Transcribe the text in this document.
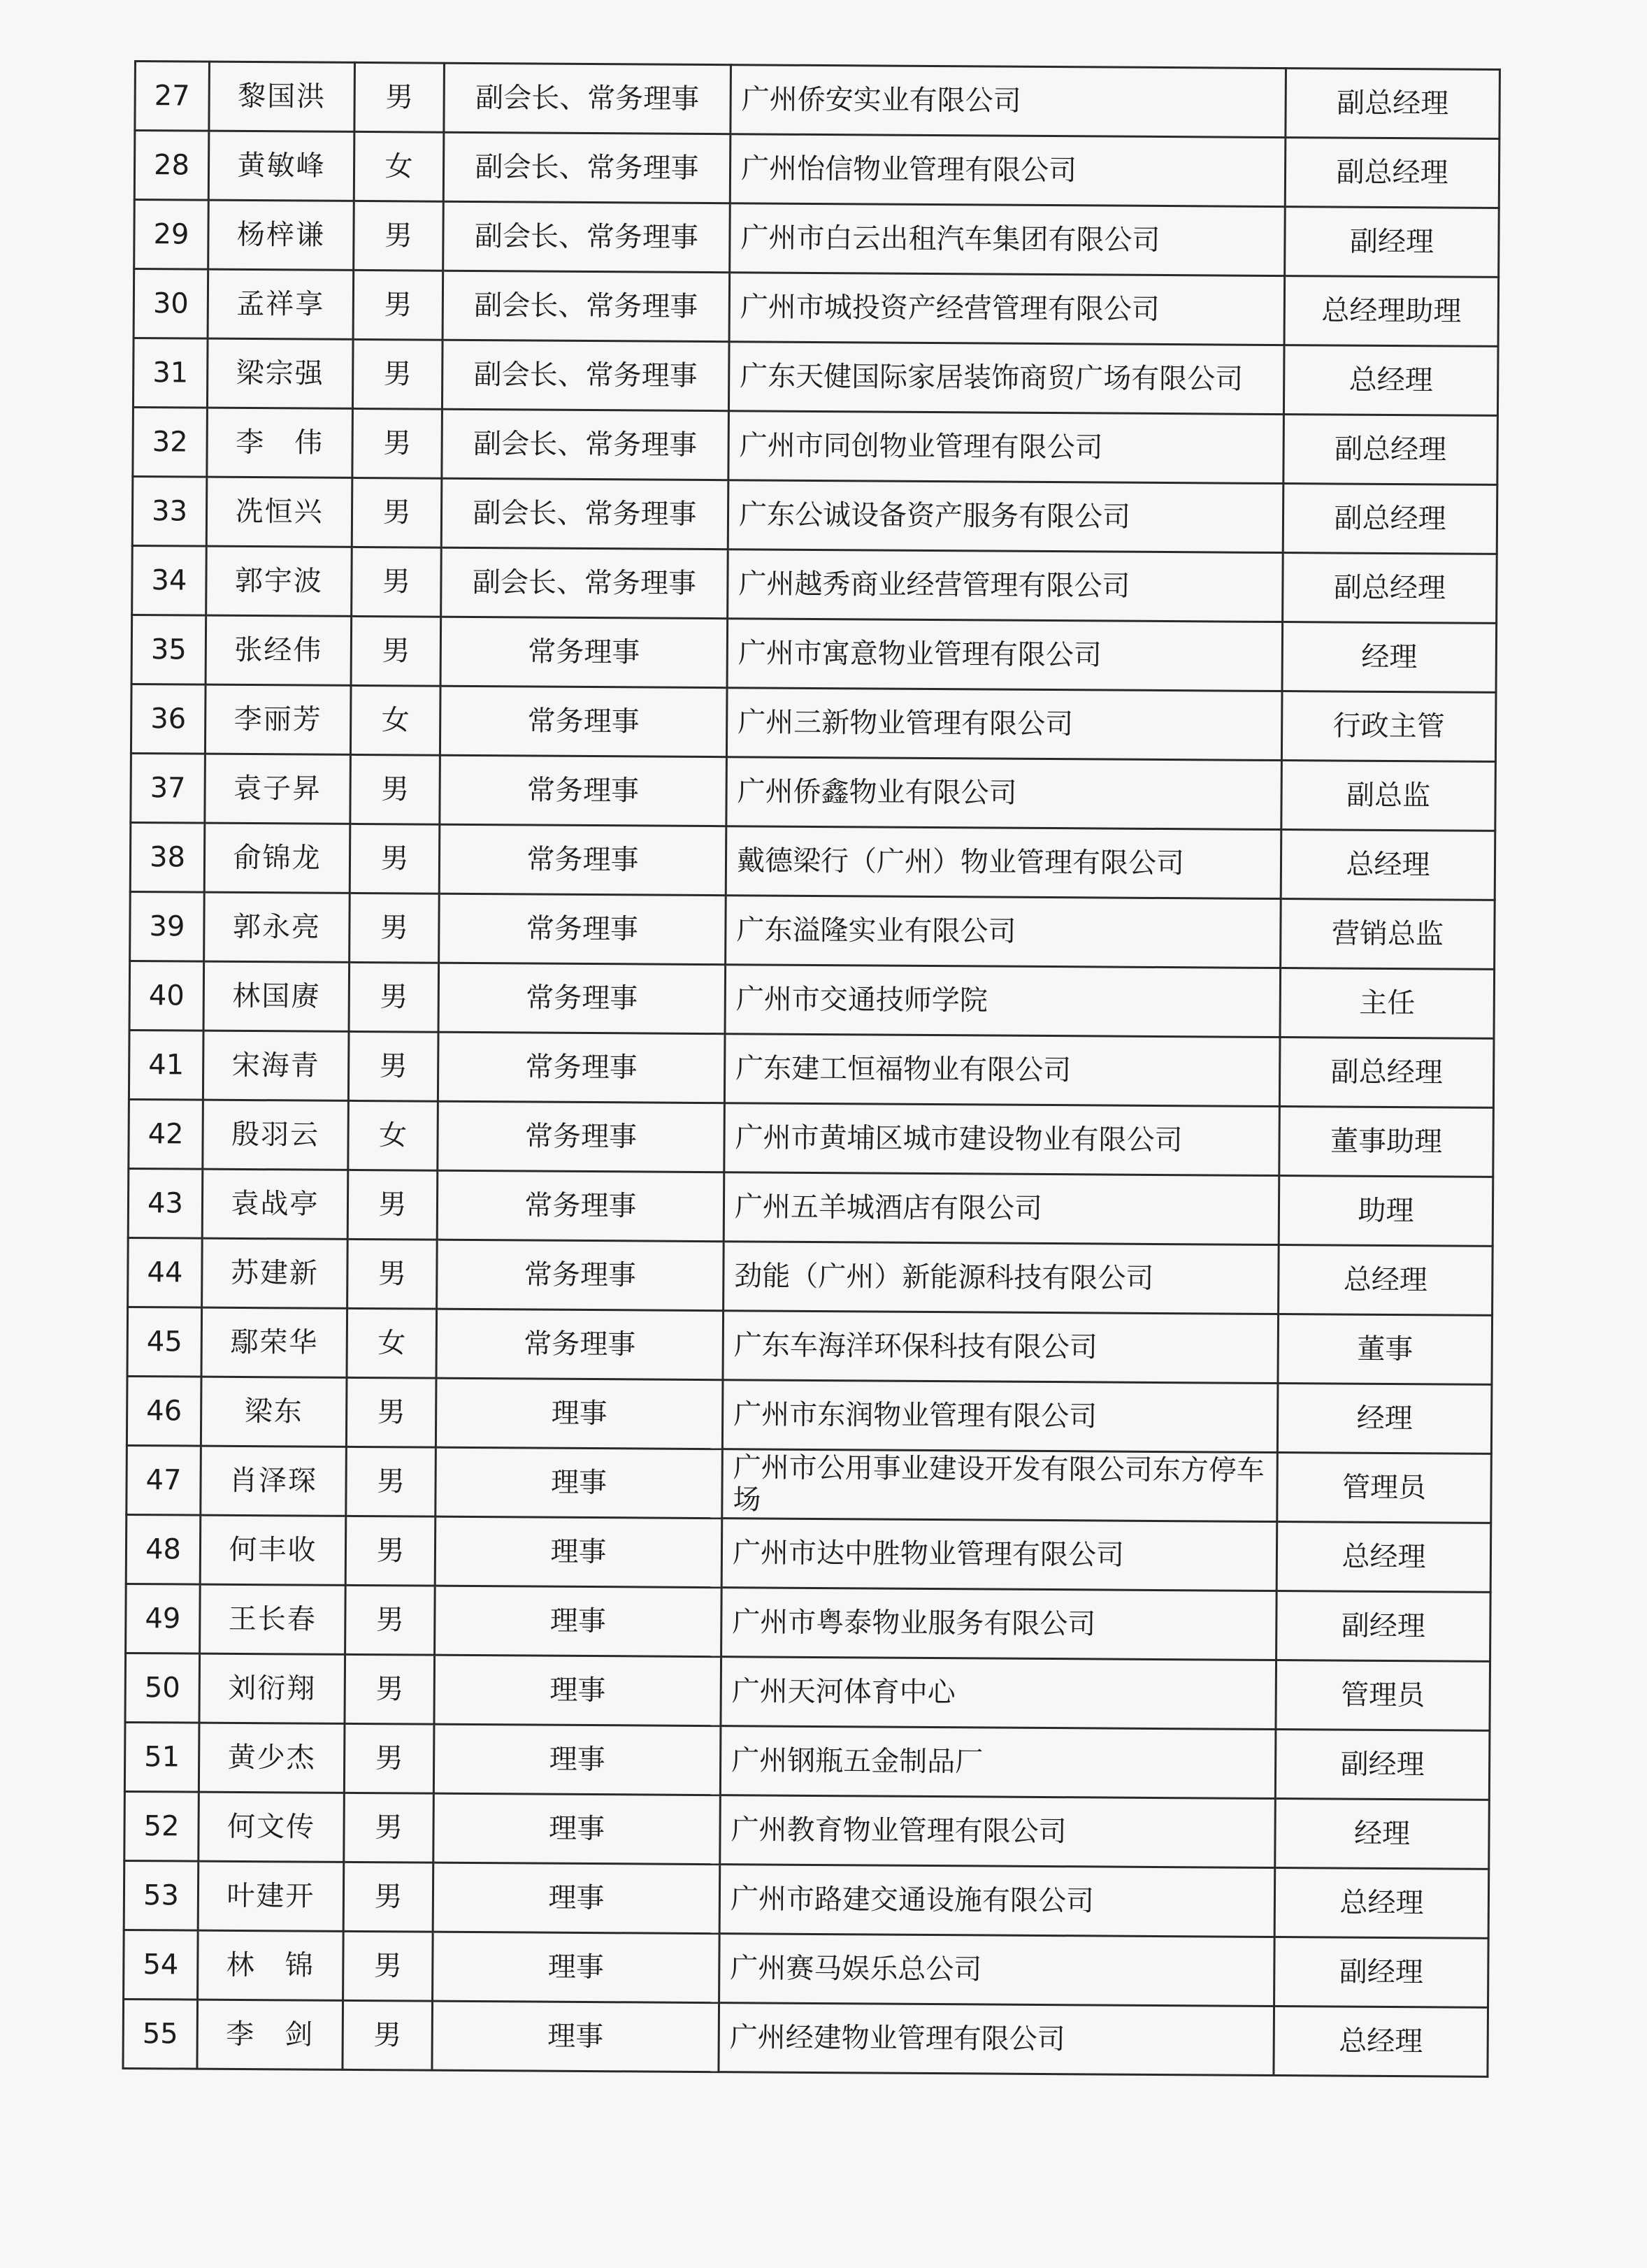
27	黎国洪	男	副会长、常务理事	广州侨安实业有限公司	副总经理
28	黄敏峰	女	副会长、常务理事	广州怡信物业管理有限公司	副总经理
29	杨梓谦	男	副会长、常务理事	广州市白云出租汽车集团有限公司	副经理
30	孟祥享	男	副会长、常务理事	广州市城投资产经营管理有限公司	总经理助理
31	梁宗强	男	副会长、常务理事	广东天健国际家居装饰商贸广场有限公司	总经理
32	李　伟	男	副会长、常务理事	广州市同创物业管理有限公司	副总经理
33	冼恒兴	男	副会长、常务理事	广东公诚设备资产服务有限公司	副总经理
34	郭宇波	男	副会长、常务理事	广州越秀商业经营管理有限公司	副总经理
35	张经伟	男	常务理事	广州市寓意物业管理有限公司	经理
36	李丽芳	女	常务理事	广州三新物业管理有限公司	行政主管
37	袁子昇	男	常务理事	广州侨鑫物业有限公司	副总监
38	俞锦龙	男	常务理事	戴德梁行（广州）物业管理有限公司	总经理
39	郭永亮	男	常务理事	广东溢隆实业有限公司	营销总监
40	林国赓	男	常务理事	广州市交通技师学院	主任
41	宋海青	男	常务理事	广东建工恒福物业有限公司	副总经理
42	殷羽云	女	常务理事	广州市黄埔区城市建设物业有限公司	董事助理
43	袁战亭	男	常务理事	广州五羊城酒店有限公司	助理
44	苏建新	男	常务理事	劲能（广州）新能源科技有限公司	总经理
45	鄢荣华	女	常务理事	广东车海洋环保科技有限公司	董事
46	梁东	男	理事	广州市东润物业管理有限公司	经理
47	肖泽琛	男	理事	广州市公用事业建设开发有限公司东方停车场	管理员
48	何丰收	男	理事	广州市达中胜物业管理有限公司	总经理
49	王长春	男	理事	广州市粤泰物业服务有限公司	副经理
50	刘衍翔	男	理事	广州天河体育中心	管理员
51	黄少杰	男	理事	广州钢瓶五金制品厂	副经理
52	何文传	男	理事	广州教育物业管理有限公司	经理
53	叶建开	男	理事	广州市路建交通设施有限公司	总经理
54	林　锦	男	理事	广州赛马娱乐总公司	副经理
55	李　剑	男	理事	广州经建物业管理有限公司	总经理
